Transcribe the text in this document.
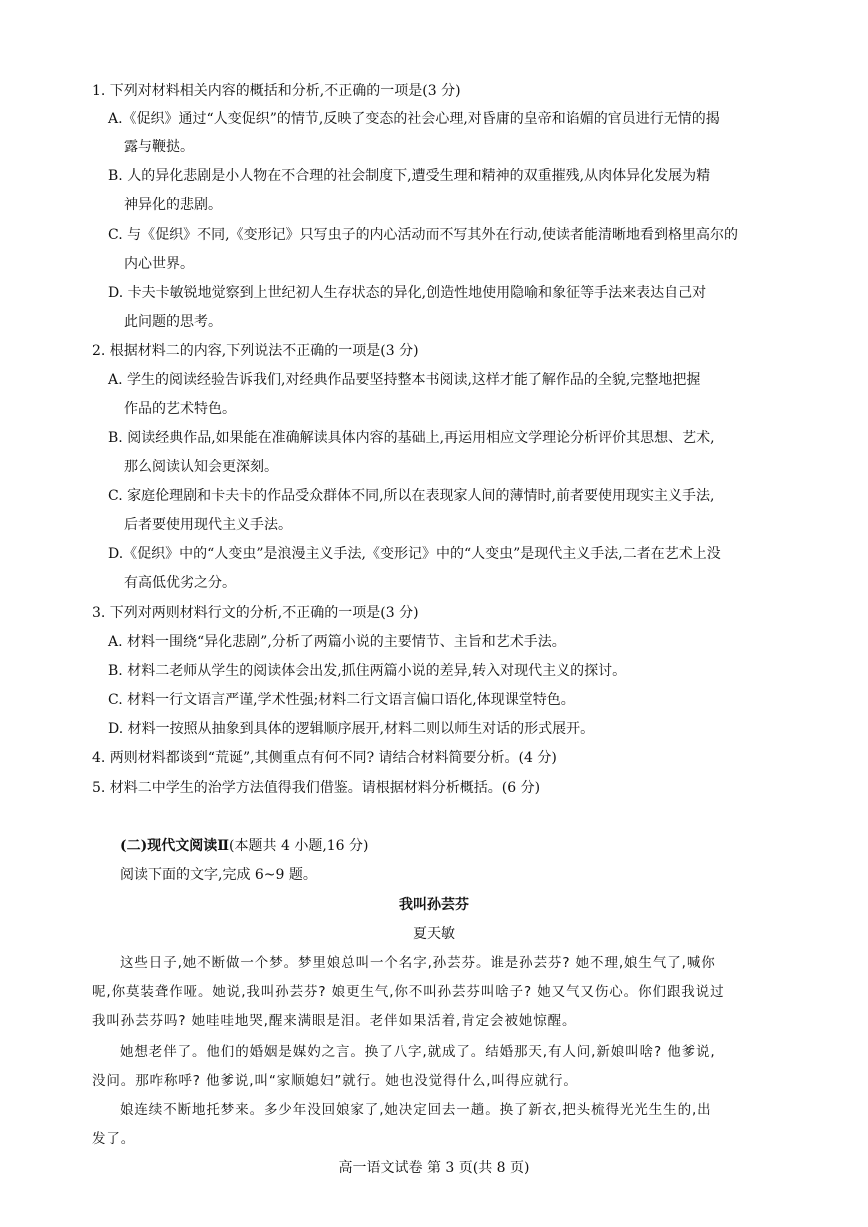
1. 下列对材料相关内容的概括和分析,不正确的一项是(3 分)
A.《促织》通过“人变促织”的情节,反映了变态的社会心理,对昏庸的皇帝和谄媚的官员进行无情的揭
露与鞭挞。
B. 人的异化悲剧是小人物在不合理的社会制度下,遭受生理和精神的双重摧残,从肉体异化发展为精
神异化的悲剧。
C. 与《促织》不同,《变形记》只写虫子的内心活动而不写其外在行动,使读者能清晰地看到格里高尔的
内心世界。
D. 卡夫卡敏锐地觉察到上世纪初人生存状态的异化,创造性地使用隐喻和象征等手法来表达自己对
此问题的思考。
2. 根据材料二的内容,下列说法不正确的一项是(3 分)
A. 学生的阅读经验告诉我们,对经典作品要坚持整本书阅读,这样才能了解作品的全貌,完整地把握
作品的艺术特色。
B. 阅读经典作品,如果能在准确解读具体内容的基础上,再运用相应文学理论分析评价其思想、艺术,
那么阅读认知会更深刻。
C. 家庭伦理剧和卡夫卡的作品受众群体不同,所以在表现家人间的薄情时,前者要使用现实主义手法,
后者要使用现代主义手法。
D.《促织》中的“人变虫”是浪漫主义手法,《变形记》中的“人变虫”是现代主义手法,二者在艺术上没
有高低优劣之分。
3. 下列对两则材料行文的分析,不正确的一项是(3 分)
A. 材料一围绕“异化悲剧”,分析了两篇小说的主要情节、主旨和艺术手法。
B. 材料二老师从学生的阅读体会出发,抓住两篇小说的差异,转入对现代主义的探讨。
C. 材料一行文语言严谨,学术性强;材料二行文语言偏口语化,体现课堂特色。
D. 材料一按照从抽象到具体的逻辑顺序展开,材料二则以师生对话的形式展开。
4. 两则材料都谈到“荒诞”,其侧重点有何不同? 请结合材料简要分析。(4 分)
5. 材料二中学生的治学方法值得我们借鉴。请根据材料分析概括。(6 分)
(二)现代文阅读Ⅱ(本题共 4 小题,16 分)
阅读下面的文字,完成 6~9 题。
我叫孙芸芬
夏天敏
这些日子,她不断做一个梦。梦里娘总叫一个名字,孙芸芬。谁是孙芸芬? 她不理,娘生气了,喊你
呢,你莫装聋作哑。她说,我叫孙芸芬? 娘更生气,你不叫孙芸芬叫啥子? 她又气又伤心。你们跟我说过
我叫孙芸芬吗? 她哇哇地哭,醒来满眼是泪。老伴如果活着,肯定会被她惊醒。
她想老伴了。他们的婚姻是媒妁之言。换了八字,就成了。结婚那天,有人问,新娘叫啥? 他爹说,
没问。那咋称呼? 他爹说,叫“家顺媳妇”就行。她也没觉得什么,叫得应就行。
娘连续不断地托梦来。多少年没回娘家了,她决定回去一趟。换了新衣,把头梳得光光生生的,出
发了。
高一语文试卷 第 3 页(共 8 页)
